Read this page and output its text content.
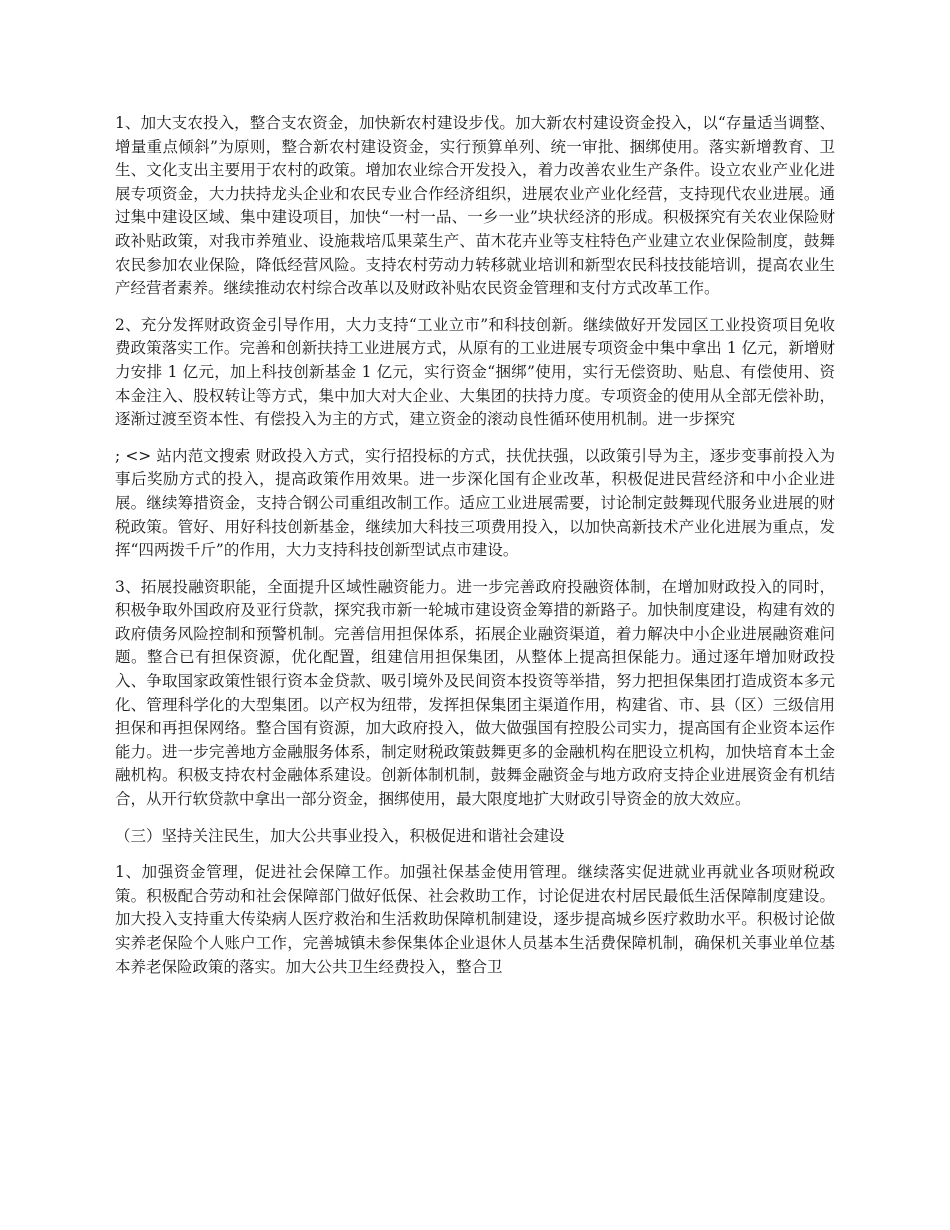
1、加大支农投入，整合支农资金，加快新农村建设步伐。加大新农村建设资金投入，以“存量适当调整、增量重点倾斜”为原则，整合新农村建设资金，实行预算单列、统一审批、捆绑使用。落实新增教育、卫生、文化支出主要用于农村的政策。增加农业综合开发投入，着力改善农业生产条件。设立农业产业化进展专项资金，大力扶持龙头企业和农民专业合作经济组织，进展农业产业化经营，支持现代农业进展。通过集中建设区域、集中建设项目，加快“一村一品、一乡一业”块状经济的形成。积极探究有关农业保险财政补贴政策，对我市养殖业、设施栽培瓜果菜生产、苗木花卉业等支柱特色产业建立农业保险制度，鼓舞农民参加农业保险，降低经营风险。支持农村劳动力转移就业培训和新型农民科技技能培训，提高农业生产经营者素养。继续推动农村综合改革以及财政补贴农民资金管理和支付方式改革工作。

2、充分发挥财政资金引导作用，大力支持“工业立市”和科技创新。继续做好开发园区工业投资项目免收费政策落实工作。完善和创新扶持工业进展方式，从原有的工业进展专项资金中集中拿出 1 亿元，新增财力安排 1 亿元，加上科技创新基金 1 亿元，实行资金“捆绑”使用，实行无偿资助、贴息、有偿使用、资本金注入、股权转让等方式，集中加大对大企业、大集团的扶持力度。专项资金的使用从全部无偿补助，逐渐过渡至资本性、有偿投入为主的方式，建立资金的滚动良性循环使用机制。进一步探究

; <> 站内范文搜索 财政投入方式，实行招投标的方式，扶优扶强，以政策引导为主，逐步变事前投入为事后奖励方式的投入，提高政策作用效果。进一步深化国有企业改革，积极促进民营经济和中小企业进展。继续筹措资金，支持合钢公司重组改制工作。适应工业进展需要，讨论制定鼓舞现代服务业进展的财税政策。管好、用好科技创新基金，继续加大科技三项费用投入，以加快高新技术产业化进展为重点，发挥“四两拨千斤”的作用，大力支持科技创新型试点市建设。

3、拓展投融资职能，全面提升区域性融资能力。进一步完善政府投融资体制，在增加财政投入的同时，积极争取外国政府及亚行贷款，探究我市新一轮城市建设资金筹措的新路子。加快制度建设，构建有效的政府债务风险控制和预警机制。完善信用担保体系，拓展企业融资渠道，着力解决中小企业进展融资难问题。整合已有担保资源，优化配置，组建信用担保集团，从整体上提高担保能力。通过逐年增加财政投入、争取国家政策性银行资本金贷款、吸引境外及民间资本投资等举措，努力把担保集团打造成资本多元化、管理科学化的大型集团。以产权为纽带，发挥担保集团主渠道作用，构建省、市、县（区）三级信用担保和再担保网络。整合国有资源，加大政府投入，做大做强国有控股公司实力，提高国有企业资本运作能力。进一步完善地方金融服务体系，制定财税政策鼓舞更多的金融机构在肥设立机构，加快培育本土金融机构。积极支持农村金融体系建设。创新体制机制，鼓舞金融资金与地方政府支持企业进展资金有机结合，从开行软贷款中拿出一部分资金，捆绑使用，最大限度地扩大财政引导资金的放大效应。

（三）坚持关注民生，加大公共事业投入，积极促进和谐社会建设

1、加强资金管理，促进社会保障工作。加强社保基金使用管理。继续落实促进就业再就业各项财税政策。积极配合劳动和社会保障部门做好低保、社会救助工作，讨论促进农村居民最低生活保障制度建设。加大投入支持重大传染病人医疗救治和生活救助保障机制建设，逐步提高城乡医疗救助水平。积极讨论做实养老保险个人账户工作，完善城镇未参保集体企业退休人员基本生活费保障机制，确保机关事业单位基本养老保险政策的落实。加大公共卫生经费投入，整合卫
